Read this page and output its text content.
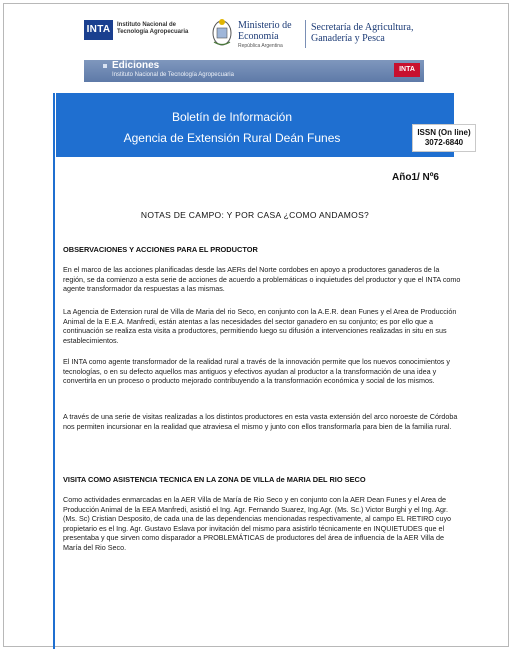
INTA	Instituto Nacional de Tecnología Agropecuaria
Ministerio de Economía
República Argentina
Secretaría de Agricultura, Ganadería y Pesca
Ediciones
Instituto Nacional de Tecnología Agropecuaria
INTA
Boletín de Información
Agencia de Extensión Rural Deán Funes	ISSN (On line)
3072-6840
Año1/ Nº6
NOTAS DE CAMPO: Y POR CASA ¿COMO ANDAMOS?
OBSERVACIONES Y ACCIONES PARA EL PRODUCTOR
En el marco de las acciones planificadas desde las AERs del Norte cordobes en apoyo a productores ganaderos de la región, se da comienzo a esta serie de acciones de acuerdo a problemáticas o inquietudes del productor y que el INTA como agente transformador da respuestas a las mismas.
La Agencia de Extension rural de Villa de Maria del rio Seco, en conjunto con la A.E.R. dean Funes y el Area de Producción Animal de la E.E.A. Manfredi, están atentas a las necesidades del sector ganadero en su conjunto; es por ello que a continuación se realiza esta visita a productores, permitiendo luego su difusión a intervenciones realizadas in situ en sus establecimientos.
El INTA como agente transformador de la realidad rural a través de la innovación permite que los nuevos conocimientos y tecnologías, o en su defecto aquellos mas antiguos y efectivos ayudan al productor a la transformación de una idea y convertirla en un proceso o producto mejorado contribuyendo a la transformación económica y social de los mismos.
A través de una serie de visitas realizadas a los distintos productores en esta vasta extensión del arco noroeste de Córdoba nos permiten incursionar en la realidad que atraviesa el mismo y junto con ellos transformarla para bien de la familia rural.
VISITA COMO ASISTENCIA TECNICA EN LA ZONA DE VILLA de MARIA DEL RIO SECO
Como actividades enmarcadas en la AER Villa de María de Rio Seco y en conjunto con la AER Dean Funes y el Area de Producción Animal de la EEA Manfredi, asistió el Ing. Agr. Fernando Suarez, Ing.Agr. (Ms. Sc.) Victor Burghi y el Ing. Agr. (Ms. Sc) Cristian Desposito, de cada una de las dependencias mencionadas respectivamente, al campo EL RETIRO cuyo propietario es el Ing. Agr. Gustavo Eslava por invitación del mismo para asistirlo técnicamente en INQUIETUDES que el presentaba y que sirven como disparador a PROBLEMÁTICAS de productores del área de influencia de la AER Villa de María del Rio Seco.
